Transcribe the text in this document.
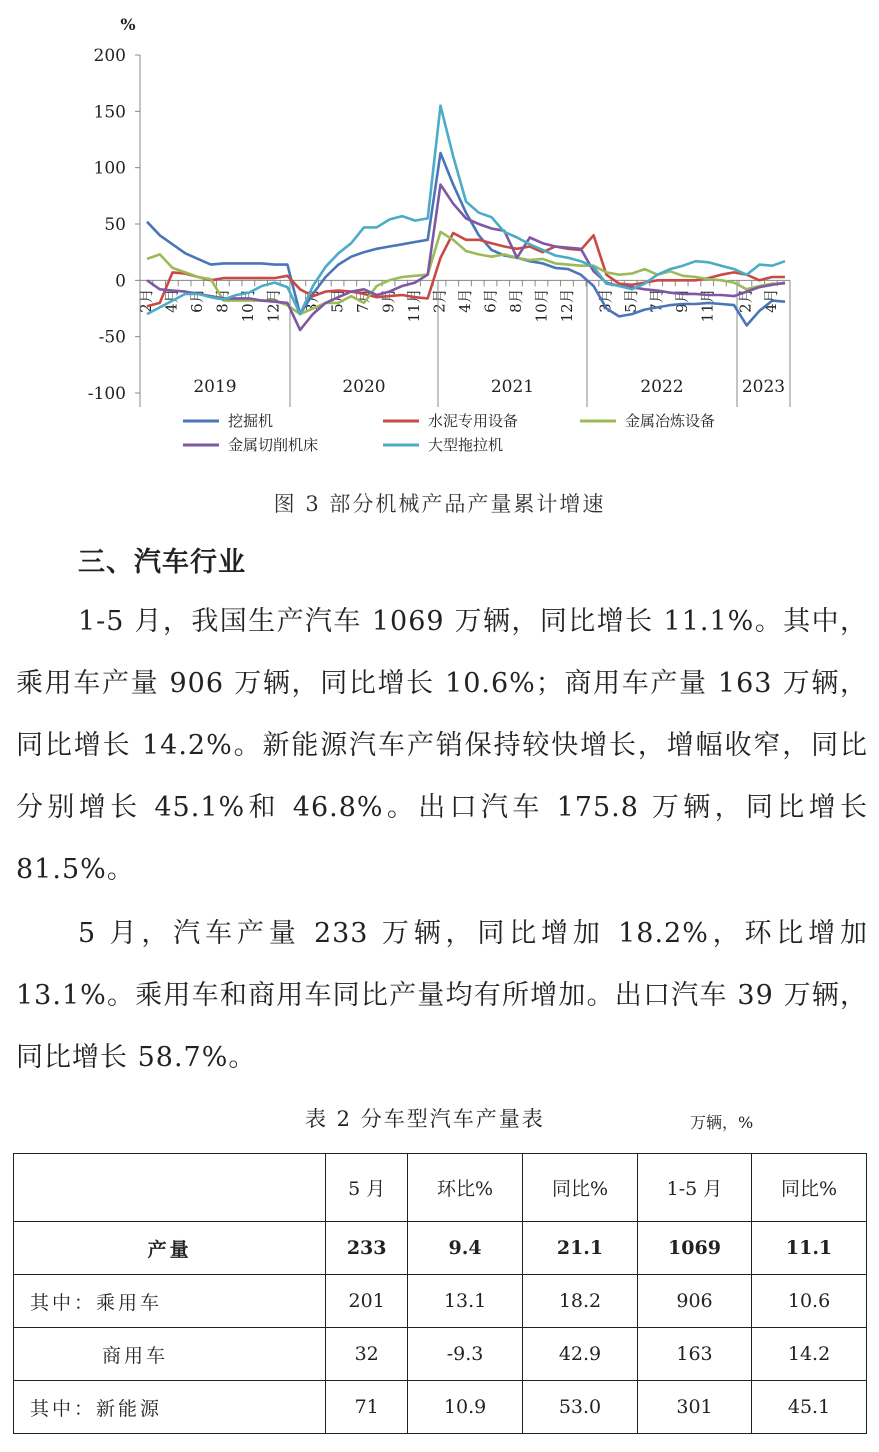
-100
-50
0
50
100
150
200
%
2月 4月 6月 8月 10月 12月 3月 5月 7月 9月 11月 2月 4月 6月 8月 10月 12月 3月 5月 7月 9月 11月 2月 4月
2019	2020	2021	2022	2023
挖掘机	水泥专用设备	金属冶炼设备
金属切削机床	大型拖拉机
图 3 部分机械产品产量累计增速
三、汽车行业
1-5 月，我国生产汽车 1069 万辆，同比增长 11.1%。其中，乘用车产量 906 万辆，同比增长 10.6%；商用车产量 163 万辆，同比增长 14.2%。新能源汽车产销保持较快增长，增幅收窄，同比分别增长 45.1%和 46.8%。出口汽车 175.8 万辆，同比增长 81.5%。
5 月，汽车产量 233 万辆，同比增加 18.2%，环比增加 13.1%。乘用车和商用车同比产量均有所增加。出口汽车 39 万辆，同比增长 58.7%。
表 2 分车型汽车产量表	万辆，%
	5 月	环比%	同比%	1-5 月	同比%
产量	233	9.4	21.1	1069	11.1
其中：乘用车	201	13.1	18.2	906	10.6
商用车	32	-9.3	42.9	163	14.2
其中：新能源	71	10.9	53.0	301	45.1
